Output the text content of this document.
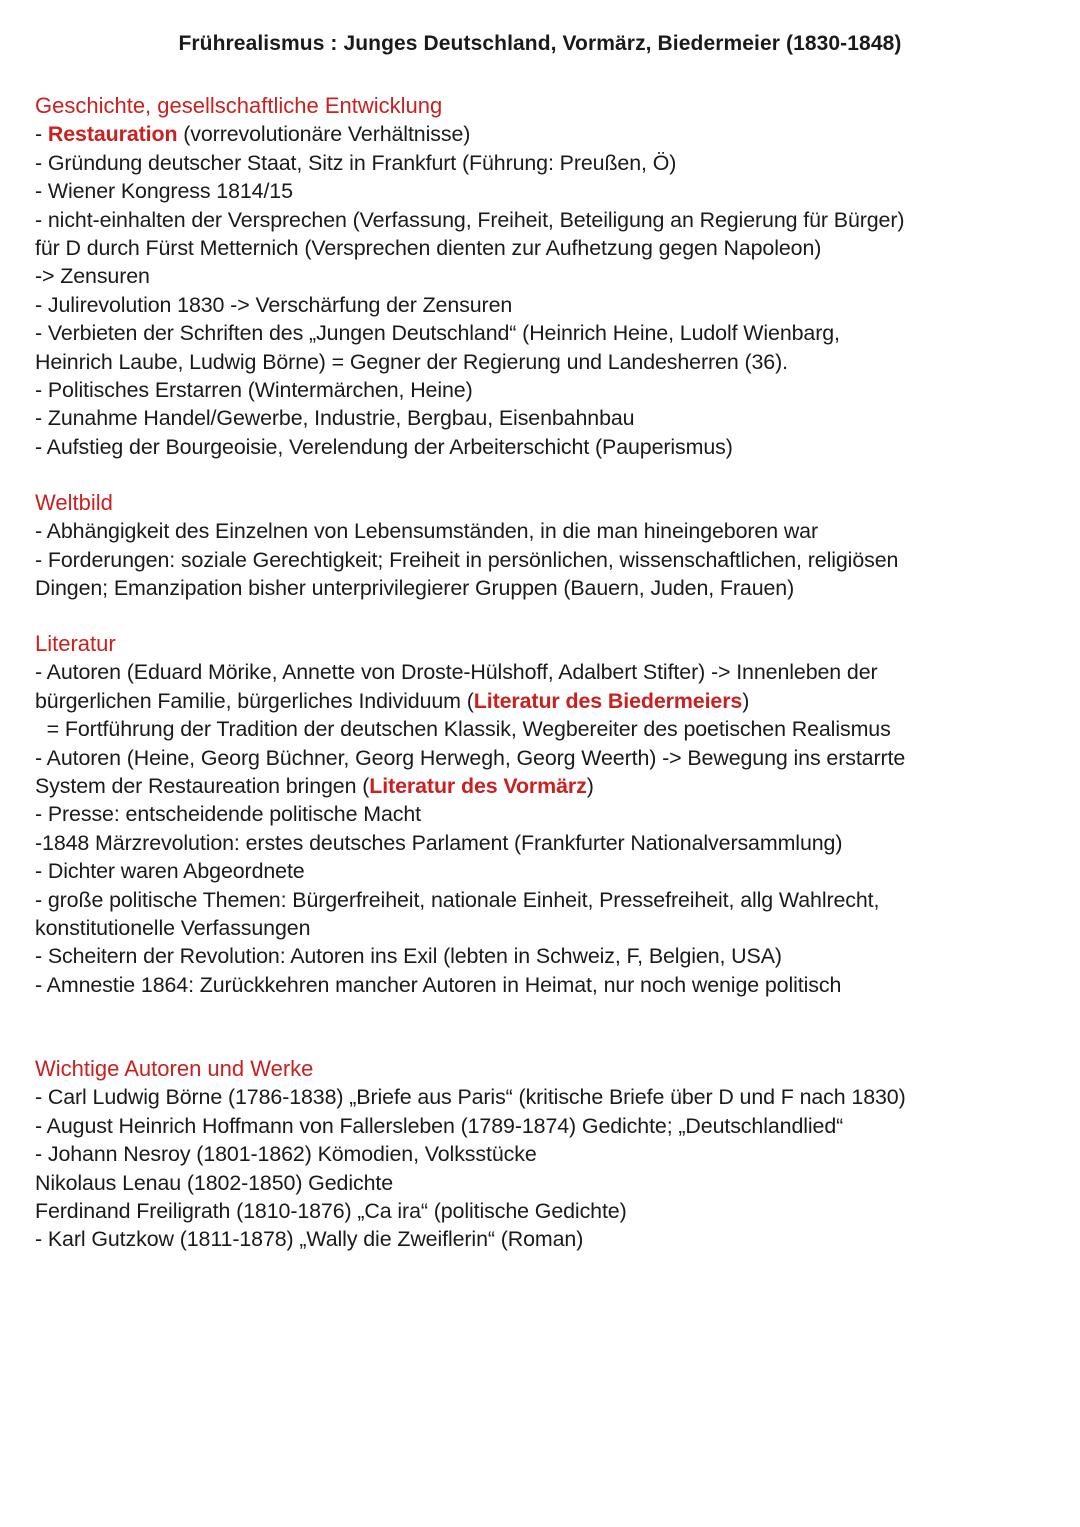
Frührealismus : Junges Deutschland, Vormärz, Biedermeier (1830-1848)
Geschichte, gesellschaftliche Entwicklung
- Restauration (vorrevolutionäre Verhältnisse)
- Gründung deutscher Staat, Sitz in Frankfurt (Führung: Preußen, Ö)
- Wiener Kongress 1814/15
- nicht-einhalten der Versprechen (Verfassung, Freiheit, Beteiligung an Regierung für Bürger)
für D durch Fürst Metternich (Versprechen dienten zur Aufhetzung gegen Napoleon)
-> Zensuren
- Julirevolution 1830 -> Verschärfung der Zensuren
- Verbieten der Schriften des „Jungen Deutschland“ (Heinrich Heine, Ludolf Wienbarg,
Heinrich Laube, Ludwig Börne) = Gegner der Regierung und Landesherren (36).
- Politisches Erstarren (Wintermärchen, Heine)
- Zunahme Handel/Gewerbe, Industrie, Bergbau, Eisenbahnbau
- Aufstieg der Bourgeoisie, Verelendung der Arbeiterschicht (Pauperismus)
Weltbild
- Abhängigkeit des Einzelnen von Lebensumständen, in die man hineingeboren war
- Forderungen: soziale Gerechtigkeit; Freiheit in persönlichen, wissenschaftlichen, religiösen
Dingen; Emanzipation bisher unterprivilegierer Gruppen (Bauern, Juden, Frauen)
Literatur
- Autoren (Eduard Mörike, Annette von Droste-Hülshoff, Adalbert Stifter) -> Innenleben der
bürgerlichen Familie, bürgerliches Individuum (Literatur des Biedermeiers)
= Fortführung der Tradition der deutschen Klassik, Wegbereiter des poetischen Realismus
- Autoren (Heine, Georg Büchner, Georg Herwegh, Georg Weerth) -> Bewegung ins erstarrte
System der Restaureation bringen (Literatur des Vormärz)
- Presse: entscheidende politische Macht
-1848 Märzrevolution: erstes deutsches Parlament (Frankfurter Nationalversammlung)
- Dichter waren Abgeordnete
- große politische Themen: Bürgerfreiheit, nationale Einheit, Pressefreiheit, allg Wahlrecht,
konstitutionelle Verfassungen
- Scheitern der Revolution: Autoren ins Exil (lebten in Schweiz, F, Belgien, USA)
- Amnestie 1864: Zurückkehren mancher Autoren in Heimat, nur noch wenige politisch
Wichtige Autoren und Werke
- Carl Ludwig Börne (1786-1838) „Briefe aus Paris“ (kritische Briefe über D und F nach 1830)
- August Heinrich Hoffmann von Fallersleben (1789-1874) Gedichte; „Deutschlandlied“
- Johann Nesroy (1801-1862) Kömodien, Volksstücke
Nikolaus Lenau (1802-1850) Gedichte
Ferdinand Freiligrath (1810-1876) „Ca ira“ (politische Gedichte)
- Karl Gutzkow (1811-1878) „Wally die Zweiflerin“ (Roman)
